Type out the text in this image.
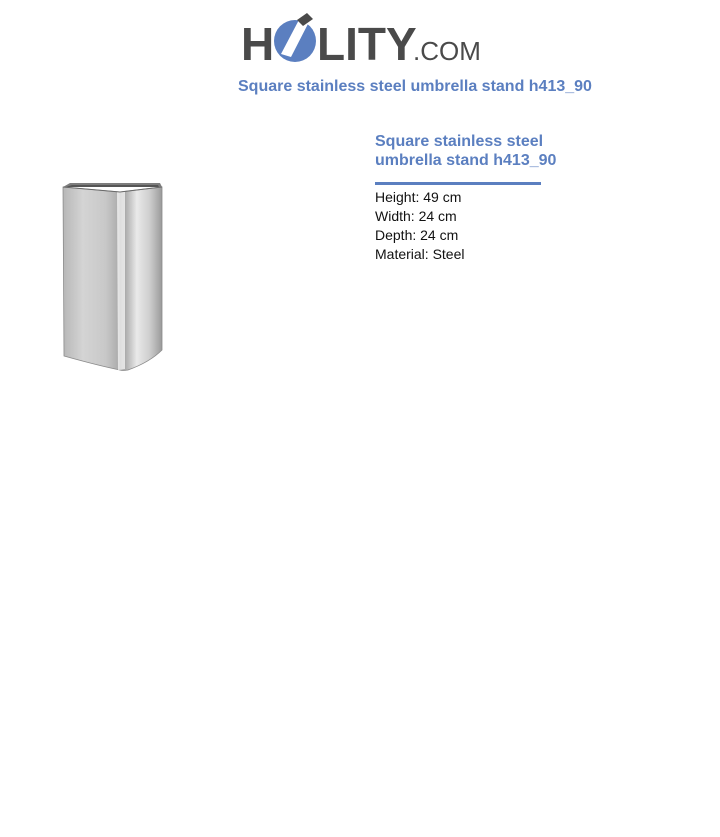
H LITY
.COM
Square stainless steel umbrella stand h413_90
Square stainless steel
umbrella stand h413_90
Height: 49 cm
Width: 24 cm
Depth: 24 cm
Material: Steel
